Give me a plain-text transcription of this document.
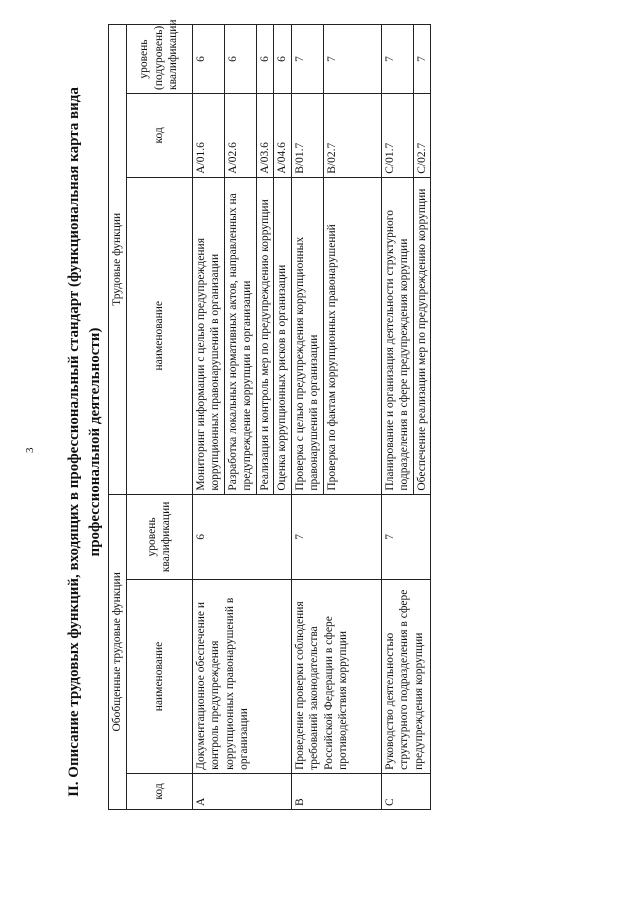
3 II. Описание трудовых функций, входящих в профессиональный стандарт (функциональная карта вида профессиональной деятельности)
Обобщенные трудовые функции			Трудовые функции		
код	наименование	уровень квалификации	наименование	код	уровень (подуровень) квалификации
A	Документационное обеспечение и контроль предупреждения коррупционных правонарушений в организации	6	Мониторинг информации с целью предупреждения коррупционных правонарушений в организации	A/01.6	6
			Разработка локальных нормативных актов, направленных на предупреждение коррупции в организации	A/02.6	6
			Реализация и контроль мер по предупреждению коррупции	A/03.6	6
			Оценка коррупционных рисков в организации	A/04.6	6
B	Проведение проверки соблюдения требований законодательства Российской Федерации в сфере противодействия коррупции	7	Проверка с целью предупреждения коррупционных правонарушений в организации	B/01.7	7
			Проверка по фактам коррупционных правонарушений	B/02.7	7
C	Руководство деятельностью структурного подразделения в сфере предупреждения коррупции	7	Планирование и организация деятельности структурного подразделения в сфере предупреждения коррупции	C/01.7	7
			Обеспечение реализации мер по предупреждению коррупции	C/02.7	7
